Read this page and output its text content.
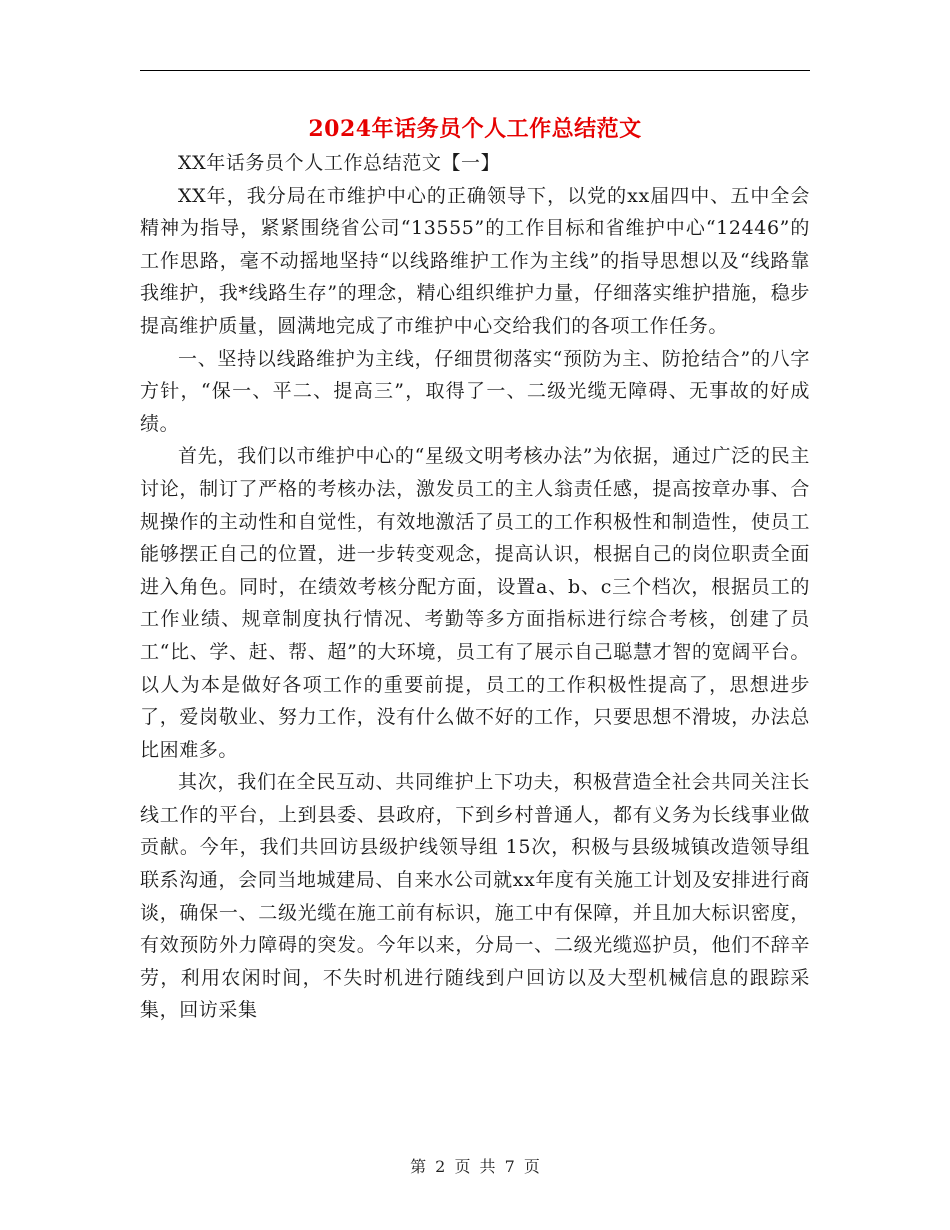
2024年话务员个人工作总结范文

XX年话务员个人工作总结范文【一】

XX年，我分局在市维护中心的正确领导下，以党的xx届四中、五中全会精神为指导，紧紧围绕省公司“13555”的工作目标和省维护中心“12446”的工作思路，毫不动摇地坚持“以线路维护工作为主线”的指导思想以及“线路靠我维护，我*线路生存”的理念，精心组织维护力量，仔细落实维护措施，稳步提高维护质量，圆满地完成了市维护中心交给我们的各项工作任务。

一、坚持以线路维护为主线，仔细贯彻落实“预防为主、防抢结合”的八字方针，“保一、平二、提高三”，取得了一、二级光缆无障碍、无事故的好成绩。

首先，我们以市维护中心的“星级文明考核办法”为依据，通过广泛的民主讨论，制订了严格的考核办法，激发员工的主人翁责任感，提高按章办事、合规操作的主动性和自觉性，有效地激活了员工的工作积极性和制造性，使员工能够摆正自己的位置，进一步转变观念，提高认识，根据自己的岗位职责全面进入角色。同时，在绩效考核分配方面，设置a、b、c三个档次，根据员工的工作业绩、规章制度执行情况、考勤等多方面指标进行综合考核，创建了员工“比、学、赶、帮、超”的大环境，员工有了展示自己聪慧才智的宽阔平台。以人为本是做好各项工作的重要前提，员工的工作积极性提高了，思想进步了，爱岗敬业、努力工作，没有什么做不好的工作，只要思想不滑坡，办法总比困难多。

其次，我们在全民互动、共同维护上下功夫，积极营造全社会共同关注长线工作的平台，上到县委、县政府，下到乡村普通人，都有义务为长线事业做贡献。今年，我们共回访县级护线领导组 15次，积极与县级城镇改造领导组联系沟通，会同当地城建局、自来水公司就xx年度有关施工计划及安排进行商谈，确保一、二级光缆在施工前有标识，施工中有保障，并且加大标识密度，有效预防外力障碍的突发。今年以来，分局一、二级光缆巡护员，他们不辞辛劳，利用农闲时间，不失时机进行随线到户回访以及大型机械信息的跟踪采集，回访采集

第 2 页 共 7 页
